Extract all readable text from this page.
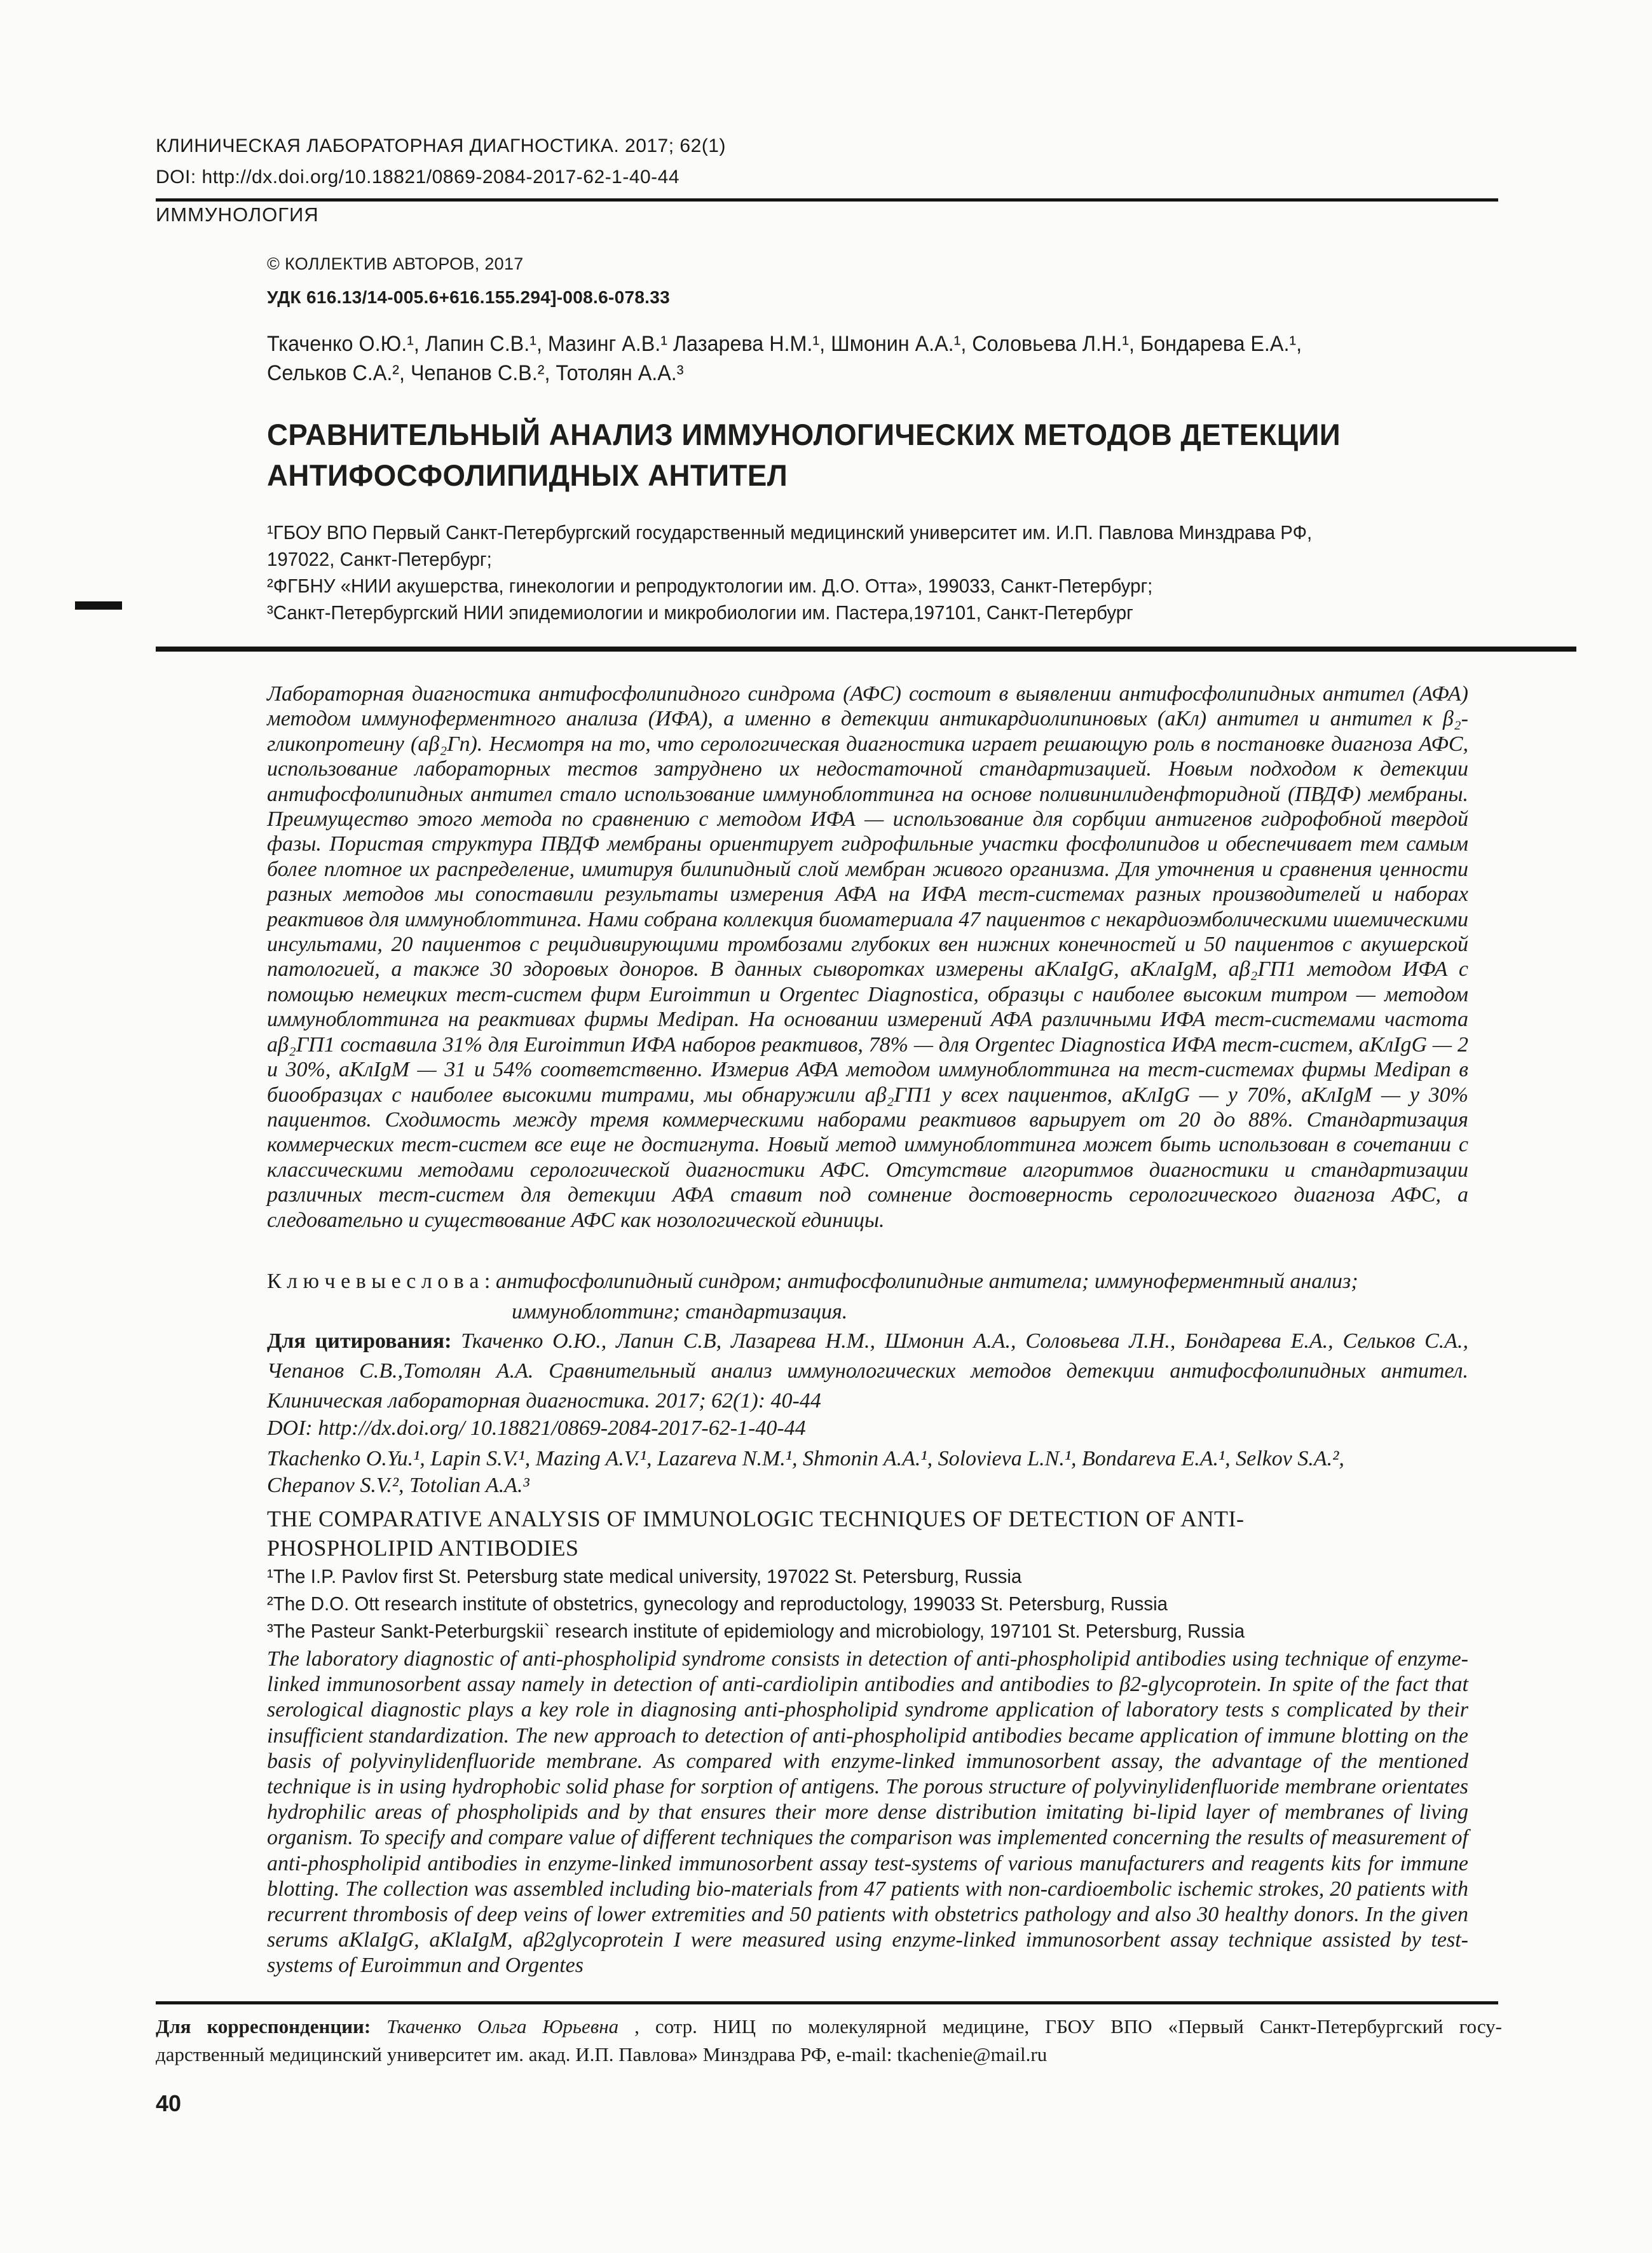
КЛИНИЧЕСКАЯ ЛАБОРАТОРНАЯ ДИАГНОСТИКА. 2017; 62(1)
DOI: http://dx.doi.org/10.18821/0869-2084-2017-62-1-40-44
ИММУНОЛОГИЯ
© КОЛЛЕКТИВ АВТОРОВ, 2017
УДК 616.13/14-005.6+616.155.294]-008.6-078.33
Ткаченко О.Ю.¹, Лапин С.В.¹, Мазинг А.В.¹ Лазарева Н.М.¹, Шмонин А.А.¹, Соловьева Л.Н.¹, Бондарева Е.А.¹,
Сельков С.А.², Чепанов С.В.², Тотолян А.А.³
СРАВНИТЕЛЬНЫЙ АНАЛИЗ ИММУНОЛОГИЧЕСКИХ МЕТОДОВ ДЕТЕКЦИИ
АНТИФОСФОЛИПИДНЫХ АНТИТЕЛ
¹ГБОУ ВПО Первый Санкт-Петербургский государственный медицинский университет им. И.П. Павлова Минздрава РФ,
197022, Санкт-Петербург;
²ФГБНУ «НИИ акушерства, гинекологии и репродуктологии им. Д.О. Отта», 199033, Санкт-Петербург;
³Санкт-Петербургский НИИ эпидемиологии и микробиологии им. Пастера,197101, Санкт-Петербург
Лабораторная диагностика антифосфолипидного синдрома (АФС) состоит в выявлении антифосфолипидных антител (АФА) методом иммуноферментного анализа (ИФА), а именно в детекции антикардиолипиновых (аКл) антител и антител к β₂-гликопротеину (аβ₂Гп). Несмотря на то, что серологическая диагностика играет решающую роль в постановке диагноза АФС, использование лабораторных тестов затруднено их недостаточной стандартизацией. Новым подходом к детекции антифосфолипидных антител стало использование иммуноблоттинга на основе поливинилиденфторидной (ПВДФ) мембраны. Преимущество этого метода по сравнению с методом ИФА — использование для сорбции антигенов гидрофобной твердой фазы. Пористая структура ПВДФ мембраны ориентирует гидрофильные участки фосфолипидов и обеспечивает тем самым более плотное их распределение, имитируя билипидный слой мембран живого организма. Для уточнения и сравнения ценности разных методов мы сопоставили результаты измерения АФА на ИФА тест-системах разных производителей и наборах реактивов для иммуноблоттинга. Нами собрана коллекция биоматериала 47 пациентов с некардиоэмболическими ишемическими инсультами, 20 пациентов с рецидивирующими тромбозами глубоких вен нижних конечностей и 50 пациентов с акушерской патологией, а также 30 здоровых доноров. В данных сыворотках измерены аКлаIgG, аКлаIgM, аβ₂ГП1 методом ИФА с помощью немецких тест-систем фирм Euroimmun и Orgentec Diagnostica, образцы с наиболее высоким титром — методом иммуноблоттинга на реактивах фирмы Medipan. На основании измерений АФА различными ИФА тест-системами частота аβ₂ГП1 составила 31% для Euroimmun ИФА наборов реактивов, 78% — для Orgentec Diagnostica ИФА тест-систем, аКлIgG — 2 и 30%, аКлIgM — 31 и 54% соответственно. Измерив АФА методом иммуноблоттинга на тест-системах фирмы Medipan в биообразцах с наиболее высокими титрами, мы обнаружили аβ₂ГП1 у всех пациентов, аКлIgG — у 70%, аКлIgM — у 30% пациентов. Сходимость между тремя коммерческими наборами реактивов варьирует от 20 до 88%. Стандартизация коммерческих тест-систем все еще не достигнута. Новый метод иммуноблоттинга может быть использован в сочетании с классическими методами серологической диагностики АФС. Отсутствие алгоритмов диагностики и стандартизации различных тест-систем для детекции АФА ставит под сомнение достоверность серологического диагноза АФС, а следовательно и существование АФС как нозологической единицы.
К л ю ч е в ы е с л о в а : антифосфолипидный синдром; антифосфолипидные антитела; иммуноферментный анализ; иммуноблоттинг; стандартизация.
Для цитирования: Ткаченко О.Ю., Лапин С.В, Лазарева Н.М., Шмонин А.А., Соловьева Л.Н., Бондарева Е.А., Сельков С.А., Чепанов С.В.,Тотолян А.А. Сравнительный анализ иммунологических методов детекции антифосфолипидных антител. Клиническая лабораторная диагностика. 2017; 62(1): 40-44
DOI: http://dx.doi.org/ 10.18821/0869-2084-2017-62-1-40-44
Tkachenko O.Yu.¹, Lapin S.V.¹, Mazing A.V.¹, Lazareva N.M.¹, Shmonin A.A.¹, Solovieva L.N.¹, Bondareva E.A.¹, Selkov S.A.²,
Chepanov S.V.², Totolian A.A.³
THE COMPARATIVE ANALYSIS OF IMMUNOLOGIC TECHNIQUES OF DETECTION OF ANTI-
PHOSPHOLIPID ANTIBODIES
¹The I.P. Pavlov first St. Petersburg state medical university, 197022 St. Petersburg, Russia
²The D.O. Ott research institute of obstetrics, gynecology and reproductology, 199033 St. Petersburg, Russia
³The Pasteur Sankt-Peterburgskii` research institute of epidemiology and microbiology, 197101 St. Petersburg, Russia
The laboratory diagnostic of anti-phospholipid syndrome consists in detection of anti-phospholipid antibodies using technique of enzyme-linked immunosorbent assay namely in detection of anti-cardiolipin antibodies and antibodies to β2-glycoprotein. In spite of the fact that serological diagnostic plays a key role in diagnosing anti-phospholipid syndrome application of laboratory tests s complicated by their insufficient standardization. The new approach to detection of anti-phospholipid antibodies became application of immune blotting on the basis of polyvinylidenfluoride membrane. As compared with enzyme-linked immunosorbent assay, the advantage of the mentioned technique is in using hydrophobic solid phase for sorption of antigens. The porous structure of polyvinylidenfluoride membrane orientates hydrophilic areas of phospholipids and by that ensures their more dense distribution imitating bi-lipid layer of membranes of living organism. To specify and compare value of different techniques the comparison was implemented concerning the results of measurement of anti-phospholipid antibodies in enzyme-linked immunosorbent assay test-systems of various manufacturers and reagents kits for immune blotting. The collection was assembled including bio-materials from 47 patients with non-cardioembolic ischemic strokes, 20 patients with recurrent thrombosis of deep veins of lower extremities and 50 patients with obstetrics pathology and also 30 healthy donors. In the given serums aKlaIgG, aKlaIgM, aβ2glycoprotein I were measured using enzyme-linked immunosorbent assay technique assisted by test-systems of Euroimmun and Orgentes
Для корреспонденции: Ткаченко Ольга Юрьевна , сотр. НИЦ по молекулярной медицине, ГБОУ ВПО «Первый Санкт-Петербургский госу-
дарственный медицинский университет им. акад. И.П. Павлова» Минздрава РФ, e-mail: tkachenie@mail.ru
40
